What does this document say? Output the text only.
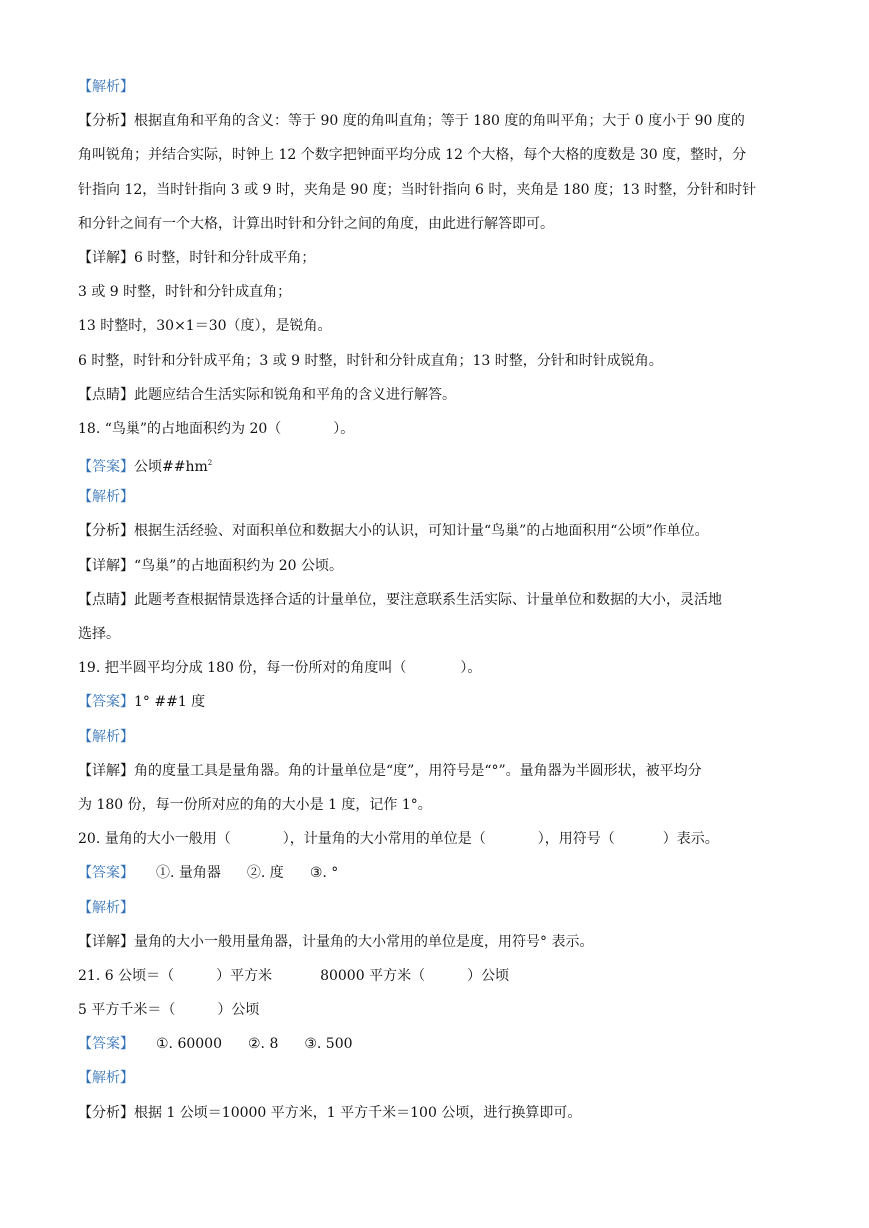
【解析】
【分析】根据直角和平角的含义：等于 90 度的角叫直角；等于 180 度的角叫平角；大于 0 度小于 90 度的
角叫锐角；并结合实际，时钟上 12 个数字把钟面平均分成 12 个大格，每个大格的度数是 30 度，整时，分
针指向 12，当时针指向 3 或 9 时，夹角是 90 度；当时针指向 6 时，夹角是 180 度；13 时整，分针和时针
和分针之间有一个大格，计算出时针和分针之间的角度，由此进行解答即可。
【详解】6 时整，时针和分针成平角；
3 或 9 时整，时针和分针成直角；
13 时整时，30×1＝30（度），是锐角。
6 时整，时针和分针成平角；3 或 9 时整，时针和分针成直角；13 时整，分针和时针成锐角。
【点睛】此题应结合生活实际和锐角和平角的含义进行解答。
18. “鸟巢”的占地面积约为 20（	）。
【答案】公顷$\#\#hm^2$
【解析】
【分析】根据生活经验、对面积单位和数据大小的认识，可知计量“鸟巢”的占地面积用“公顷”作单位。
【详解】“鸟巢”的占地面积约为 20 公顷。
【点睛】此题考查根据情景选择合适的计量单位，要注意联系生活实际、计量单位和数据的大小，灵活地
选择。
19. 把半圆平均分成 180 份，每一份所对的角度叫（	）。
【答案】1° ##1 度
【解析】
【详解】角的度量工具是量角器。角的计量单位是“度”，用符号是“°”。量角器为半圆形状，被平均分
为 180 份，每一份所对应的角的大小是 1 度，记作 1°。
20. 量角的大小一般用（	），计量角的大小常用的单位是（	），用符号（	）表示。
【答案】 ①. 量角器 ②. 度 ③. °
【解析】
【详解】量角的大小一般用量角器，计量角的大小常用的单位是度，用符号° 表示。
21. 6 公顷＝（	）平方米	80000 平方米（	）公顷
5 平方千米＝（	）公顷
【答案】 ①. 60000 ②. 8 ③. 500
【解析】
【分析】根据 1 公顷＝10000 平方米，1 平方千米＝100 公顷，进行换算即可。
